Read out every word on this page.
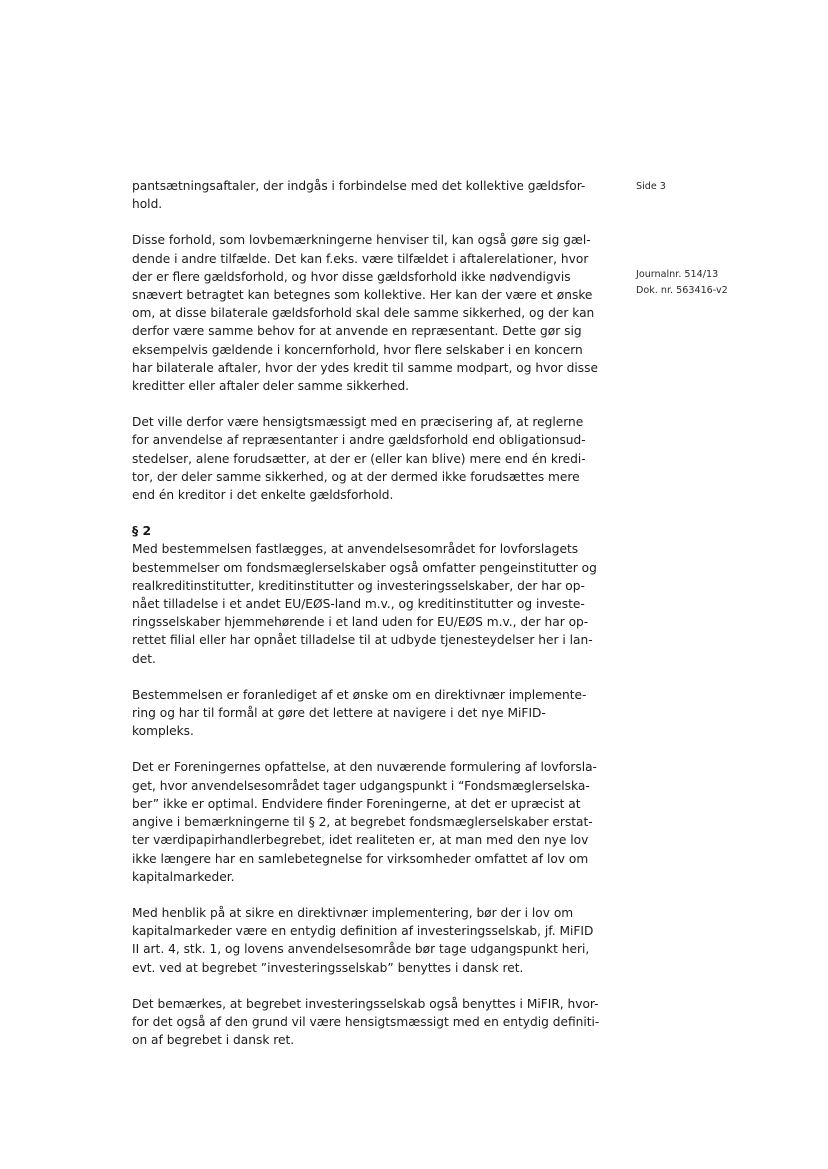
pantsætningsaftaler, der indgås i forbindelse med det kollektive gældsfor-
hold.

Disse forhold, som lovbemærkningerne henviser til, kan også gøre sig gæl-
dende i andre tilfælde. Det kan f.eks. være tilfældet i aftalerelationer, hvor
der er flere gældsforhold, og hvor disse gældsforhold ikke nødvendigvis
snævert betragtet kan betegnes som kollektive. Her kan der være et ønske
om, at disse bilaterale gældsforhold skal dele samme sikkerhed, og der kan
derfor være samme behov for at anvende en repræsentant. Dette gør sig
eksempelvis gældende i koncernforhold, hvor flere selskaber i en koncern
har bilaterale aftaler, hvor der ydes kredit til samme modpart, og hvor disse
kreditter eller aftaler deler samme sikkerhed.

Det ville derfor være hensigtsmæssigt med en præcisering af, at reglerne
for anvendelse af repræsentanter i andre gældsforhold end obligationsud-
stedelser, alene forudsætter, at der er (eller kan blive) mere end én kredi-
tor, der deler samme sikkerhed, og at der dermed ikke forudsættes mere
end én kreditor i det enkelte gældsforhold.

§ 2

Med bestemmelsen fastlægges, at anvendelsesområdet for lovforslagets
bestemmelser om fondsmæglerselskaber også omfatter pengeinstitutter og
realkreditinstitutter, kreditinstitutter og investeringsselskaber, der har op-
nået tilladelse i et andet EU/EØS-land m.v., og kreditinstitutter og investe-
ringsselskaber hjemmehørende i et land uden for EU/EØS m.v., der har op-
rettet filial eller har opnået tilladelse til at udbyde tjenesteydelser her i lan-
det.

Bestemmelsen er foranlediget af et ønske om en direktivnær implemente-
ring og har til formål at gøre det lettere at navigere i det nye MiFID-
kompleks.

Det er Foreningernes opfattelse, at den nuværende formulering af lovforsla-
get, hvor anvendelsesområdet tager udgangspunkt i “Fondsmæglerselska-
ber” ikke er optimal. Endvidere finder Foreningerne, at det er upræcist at
angive i bemærkningerne til § 2, at begrebet fondsmæglerselskaber erstat-
ter værdipapirhandlerbegrebet, idet realiteten er, at man med den nye lov
ikke længere har en samlebetegnelse for virksomheder omfattet af lov om
kapitalmarkeder.

Med henblik på at sikre en direktivnær implementering, bør der i lov om
kapitalmarkeder være en entydig definition af investeringsselskab, jf. MiFID
II art. 4, stk. 1, og lovens anvendelsesområde bør tage udgangspunkt heri,
evt. ved at begrebet ”investeringsselskab” benyttes i dansk ret.

Det bemærkes, at begrebet investeringsselskab også benyttes i MiFIR, hvor-
for det også af den grund vil være hensigtsmæssigt med en entydig definiti-
on af begrebet i dansk ret.

Side 3

Journalnr. 514/13

Dok. nr. 563416-v2
